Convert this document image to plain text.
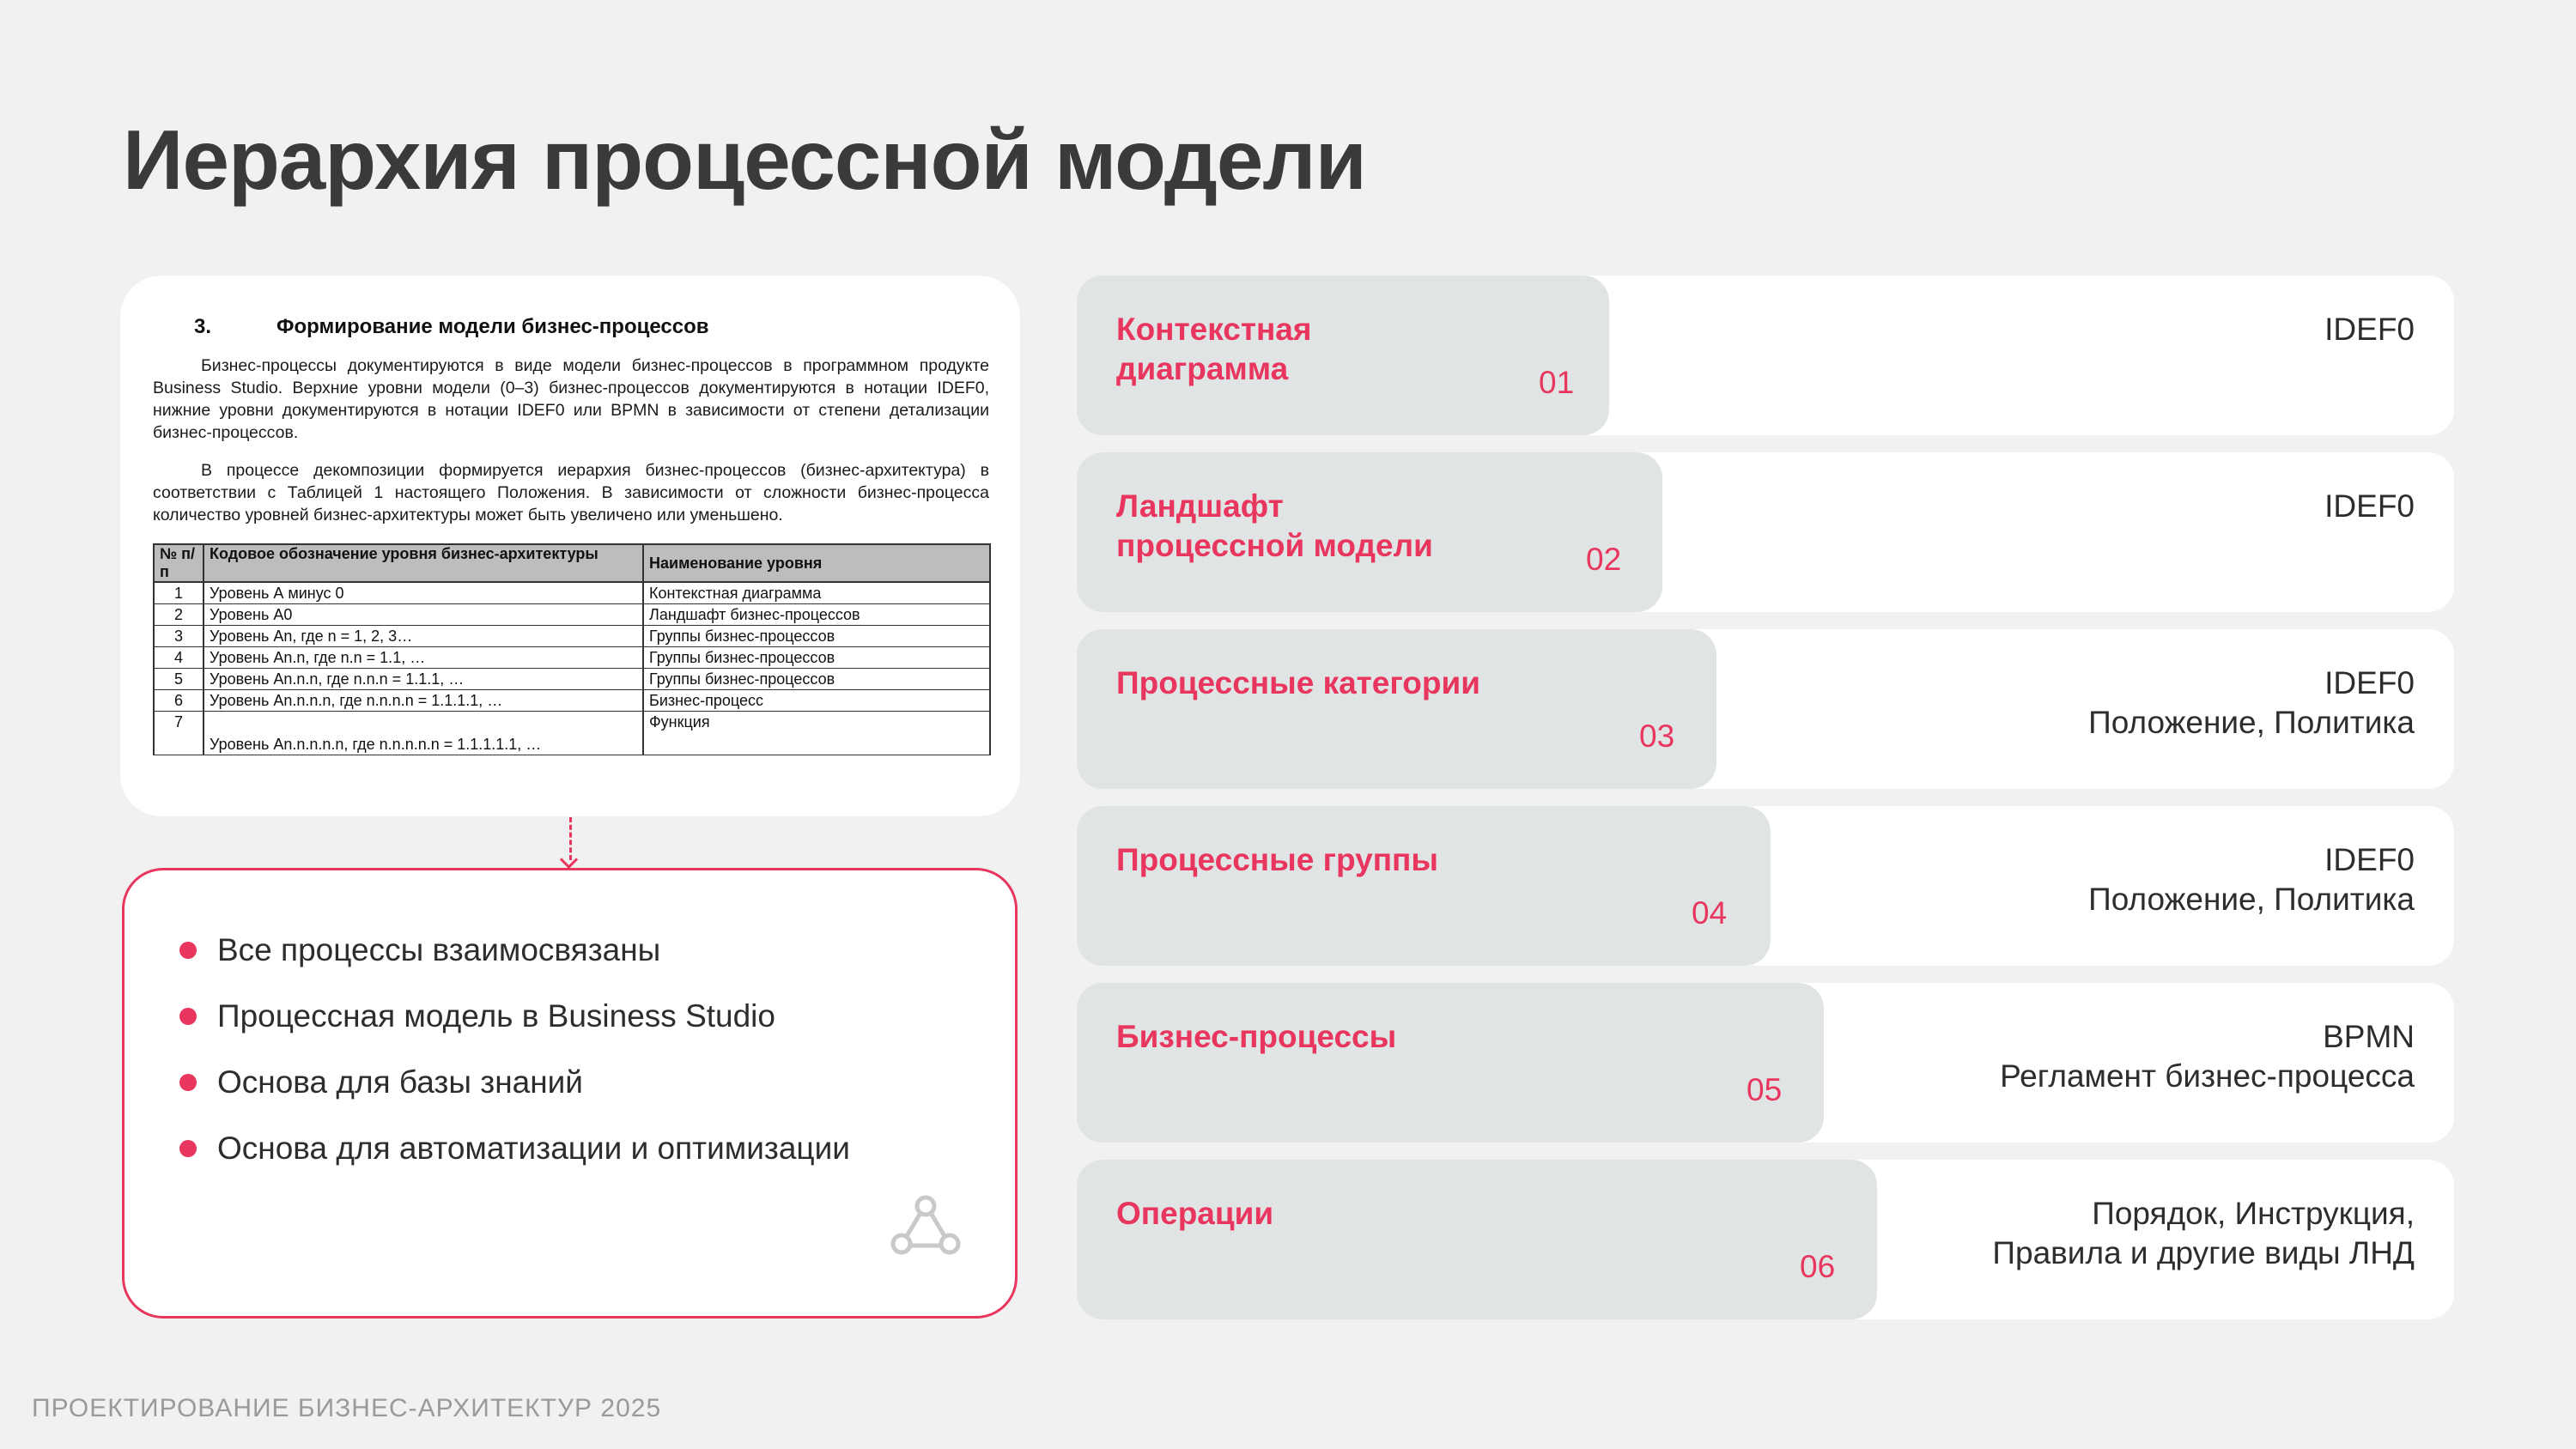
Иерархия процессной модели
3.	Формирование модели бизнес-процессов

Бизнес-процессы документируются в виде модели бизнес-процессов в программном продукте Business Studio. Верхние уровни модели (0–3) бизнес-процессов документируются в нотации IDEF0, нижние уровни документируются в нотации IDEF0 или BPMN в зависимости от степени детализации бизнес-процессов.

В процессе декомпозиции формируется иерархия бизнес-процессов (бизнес-архитектура) в соответствии с Таблицей 1 настоящего Положения. В зависимости от сложности бизнес-процесса количество уровней бизнес-архитектуры может быть увеличено или уменьшено.

№ п/п	Кодовое обозначение уровня бизнес-архитектуры	Наименование уровня
1	Уровень А минус 0	Контекстная диаграмма
2	Уровень А0	Ландшафт бизнес-процессов
3	Уровень Аn, где n = 1, 2, 3…	Группы бизнес-процессов
4	Уровень Аn.n, где n.n = 1.1, …	Группы бизнес-процессов
5	Уровень Аn.n.n, где n.n.n = 1.1.1, …	Группы бизнес-процессов
6	Уровень Аn.n.n.n, где n.n.n.n = 1.1.1.1, …	Бизнес-процесс
7	Уровень Аn.n.n.n.n, где n.n.n.n.n = 1.1.1.1.1, …	Функция
Все процессы взаимосвязаны
Процессная модель в Business Studio
Основа для базы знаний
Основа для автоматизации и оптимизации
Контекстная
диаграмма	01
IDEF0
Ландшафт
процессной модели	02
IDEF0
Процессные категории
03
IDEF0
Положение, Политика
Процессные группы
04
IDEF0
Положение, Политика
Бизнес-процессы
05
BPMN
Регламент бизнес-процесса
Операции
06
Порядок, Инструкция,
Правила и другие виды ЛНД
ПРОЕКТИРОВАНИЕ БИЗНЕС-АРХИТЕКТУР 2025
